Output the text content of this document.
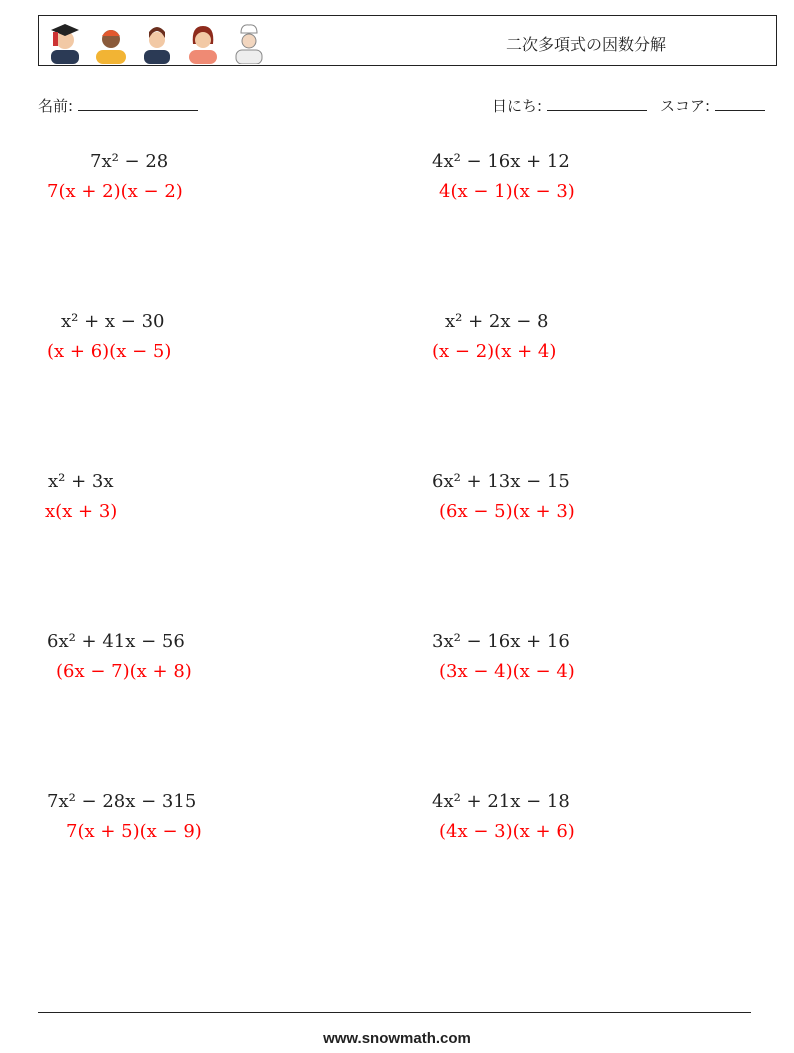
二次多項式の因数分解
名前:	日にち:	スコア:
7x² − 28
7(x + 2)(x − 2)
x² + x − 30
(x + 6)(x − 5)
x² + 3x
x(x + 3)
6x² + 41x − 56
(6x − 7)(x + 8)
7x² − 28x − 315
7(x + 5)(x − 9)
4x² − 16x + 12
4(x − 1)(x − 3)
x² + 2x − 8
(x − 2)(x + 4)
6x² + 13x − 15
(6x − 5)(x + 3)
3x² − 16x + 16
(3x − 4)(x − 4)
4x² + 21x − 18
(4x − 3)(x + 6)
www.snowmath.com
